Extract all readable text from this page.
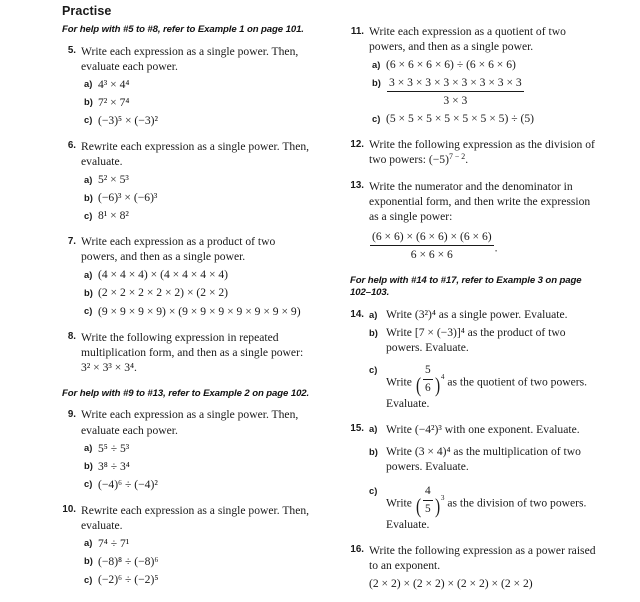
Practise
For help with #5 to #8, refer to Example 1 on page 101.
5. Write each expression as a single power. Then, evaluate each power.

a) 4³ × 4⁴
b) 7² × 7⁴
c) (−3)⁵ × (−3)²
6. Rewrite each expression as a single power. Then, evaluate.

a) 5² × 5³
b) (−6)³ × (−6)³
c) 8¹ × 8²
7. Write each expression as a product of two powers, and then as a single power.

a) (4 × 4 × 4) × (4 × 4 × 4 × 4)
b) (2 × 2 × 2 × 2 × 2) × (2 × 2)
c) (9 × 9 × 9 × 9) × (9 × 9 × 9 × 9 × 9 × 9 × 9)
8. Write the following expression in repeated multiplication form, and then as a single power: 3² × 3³ × 3⁴.

For help with #9 to #13, refer to Example 2 on page 102.
9. Write each expression as a single power. Then, evaluate each power.

a) 5⁵ ÷ 5³
b) 3⁸ ÷ 3⁴
c) (−4)⁶ ÷ (−4)²
10. Rewrite each expression as a single power. Then, evaluate.

a) 7⁴ ÷ 7¹
b) (−8)⁸ ÷ (−8)⁶
c) (−2)⁶ ÷ (−2)⁵
11. Write each expression as a quotient of two powers, and then as a single power.

a) (6 × 6 × 6 × 6) ÷ (6 × 6 × 6)
$b) \frac{3 \times 3 \times 3 \times 3 \times 3 \times 3 \times 3 \times 3}{3 \times 3}$
c) (5 × 5 × 5 × 5 × 5 × 5 × 5) ÷ (5)
12. Write the following expression as the division of two powers: $(-5)^{7 - 2}$.

13. Write the numerator and the denominator in exponential form, and then write the expression as a single power:

$\frac{(6 \times 6) \times (6 \times 6) \times (6 \times 6)}{6 \times 6 \times 6}$ .

For help with #14 to #17, refer to Example 3 on page 102–103.
14. a) Write (3²)⁴ as a single power. Evaluate.
b) Write [7 × (−3)]⁴ as the product of two powers. Evaluate.
c)
Write ( $\frac{5}{6} )^4$ as the quotient of two powers. Evaluate.
15. a) Write (−4²)³ with one exponent. Evaluate.
b) Write (3 × 4)⁴ as the multiplication of two powers. Evaluate.
c)
Write ( $\frac{4}{5} )^3$ as the division of two powers. Evaluate.
16. Write the following expression as a power raised to an exponent.

(2 × 2) × (2 × 2) × (2 × 2) × (2 × 2)
